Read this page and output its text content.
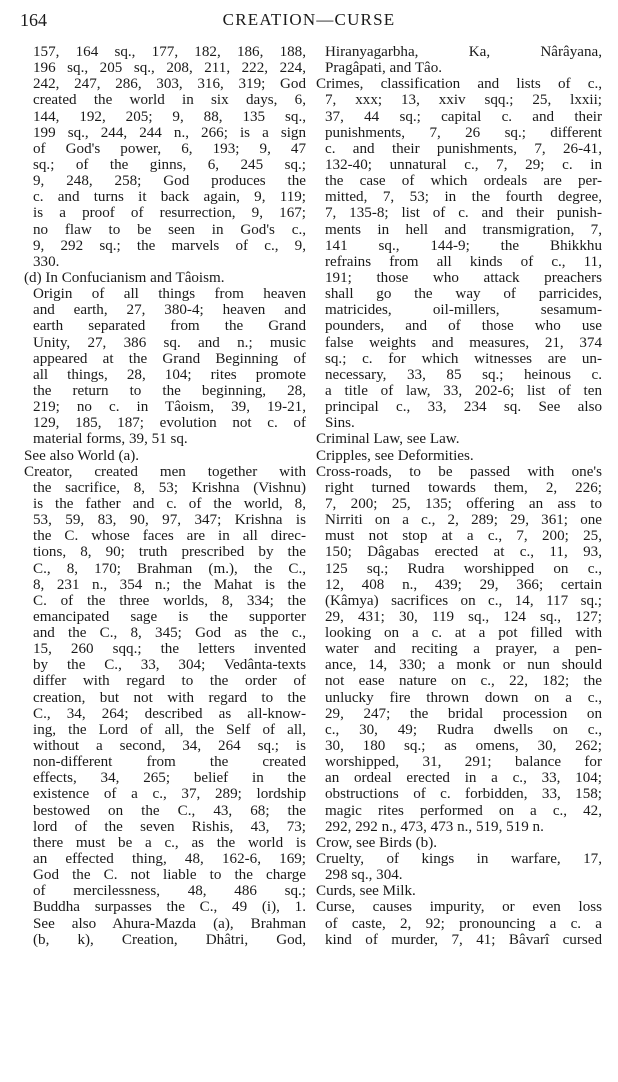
164	CREATION—CURSE
157, 164 sq., 177, 182, 186, 188,
196 sq., 205 sq., 208, 211, 222, 224,
242, 247, 286, 303, 316, 319; God
created the world in six days, 6,
144, 192, 205; 9, 88, 135 sq.,
199 sq., 244, 244 n., 266; is a sign
of God's power, 6, 193; 9, 47
sq.; of the ginns, 6, 245 sq.;
9, 248, 258; God produces the
c. and turns it back again, 9, 119;
is a proof of resurrection, 9, 167;
no flaw to be seen in God's c.,
9, 292 sq.; the marvels of c., 9,
330.
(d) In Confucianism and Tâoism.
Origin of all things from heaven
and earth, 27, 380-4; heaven and
earth separated from the Grand
Unity, 27, 386 sq. and n.; music
appeared at the Grand Beginning of
all things, 28, 104; rites promote
the return to the beginning, 28,
219; no c. in Tâoism, 39, 19-21,
129, 185, 187; evolution not c. of
material forms, 39, 51 sq.
See also World (a).
Creator, created men together with
the sacrifice, 8, 53; Krishna (Vishnu)
is the father and c. of the world, 8,
53, 59, 83, 90, 97, 347; Krishna is
the C. whose faces are in all direc-
tions, 8, 90; truth prescribed by the
C., 8, 170; Brahman (m.), the C.,
8, 231 n., 354 n.; the Mahat is the
C. of the three worlds, 8, 334; the
emancipated sage is the supporter
and the C., 8, 345; God as the c.,
15, 260 sqq.; the letters invented
by the C., 33, 304; Vedânta-texts
differ with regard to the order of
creation, but not with regard to the
C., 34, 264; described as all-know-
ing, the Lord of all, the Self of all,
without a second, 34, 264 sq.; is
non-different from the created
effects, 34, 265; belief in the
existence of a c., 37, 289; lordship
bestowed on the C., 43, 68; the
lord of the seven Rishis, 43, 73;
there must be a c., as the world is
an effected thing, 48, 162-6, 169;
God the C. not liable to the charge
of mercilessness, 48, 486 sq.;
Buddha surpasses the C., 49 (i), 1.
See also Ahura-Mazda (a), Brahman
(b, k), Creation, Dhâtri, God,
Hiranyagarbha, Ka, Nârâyana,
Pragâpati, and Tâo.
Crimes, classification and lists of c.,
7, xxx; 13, xxiv sqq.; 25, lxxii;
37, 44 sq.; capital c. and their
punishments, 7, 26 sq.; different
c. and their punishments, 7, 26-41,
132-40; unnatural c., 7, 29; c. in
the case of which ordeals are per-
mitted, 7, 53; in the fourth degree,
7, 135-8; list of c. and their punish-
ments in hell and transmigration, 7,
141 sq., 144-9; the Bhikkhu
refrains from all kinds of c., 11,
191; those who attack preachers
shall go the way of parricides,
matricides, oil-millers, sesamum-
pounders, and of those who use
false weights and measures, 21, 374
sq.; c. for which witnesses are un-
necessary, 33, 85 sq.; heinous c.
a title of law, 33, 202-6; list of ten
principal c., 33, 234 sq. See also
Sins.
Criminal Law, see Law.
Cripples, see Deformities.
Cross-roads, to be passed with one's
right turned towards them, 2, 226;
7, 200; 25, 135; offering an ass to
Nirriti on a c., 2, 289; 29, 361; one
must not stop at a c., 7, 200; 25,
150; Dâgabas erected at c., 11, 93,
125 sq.; Rudra worshipped on c.,
12, 408 n., 439; 29, 366; certain
(Kâmya) sacrifices on c., 14, 117 sq.;
29, 431; 30, 119 sq., 124 sq., 127;
looking on a c. at a pot filled with
water and reciting a prayer, a pen-
ance, 14, 330; a monk or nun should
not ease nature on c., 22, 182; the
unlucky fire thrown down on a c.,
29, 247; the bridal procession on
c., 30, 49; Rudra dwells on c.,
30, 180 sq.; as omens, 30, 262;
worshipped, 31, 291; balance for
an ordeal erected in a c., 33, 104;
obstructions of c. forbidden, 33, 158;
magic rites performed on a c., 42,
292, 292 n., 473, 473 n., 519, 519 n.
Crow, see Birds (b).
Cruelty, of kings in warfare, 17,
298 sq., 304.
Curds, see Milk.
Curse, causes impurity, or even loss
of caste, 2, 92; pronouncing a c. a
kind of murder, 7, 41; Bâvarî cursed
